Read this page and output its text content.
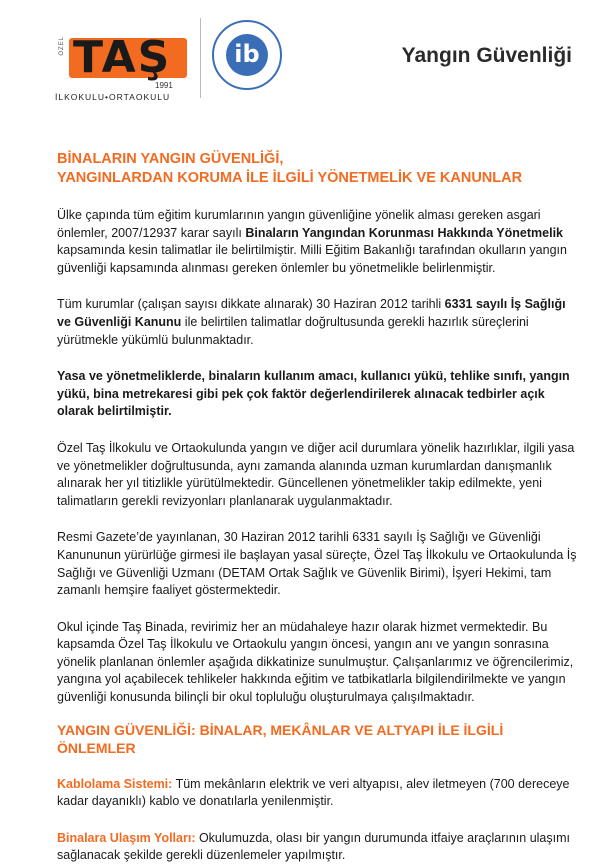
ÖZEL TAŞ
1991
İLKOKULU•ORTAOKULU
ib	Yangın Güvenliği
BİNALARIN YANGIN GÜVENLİĞİ,
YANGINLARDAN KORUMA İLE İLGİLİ YÖNETMELİK VE KANUNLAR

Ülke çapında tüm eğitim kurumlarının yangın güvenliğine yönelik alması gereken asgari önlemler, 2007/12937 karar sayılı Binaların Yangından Korunması Hakkında Yönetmelik kapsamında kesin talimatlar ile belirtilmiştir. Milli Eğitim Bakanlığı tarafından okulların yangın güvenliği kapsamında alınması gereken önlemler bu yönetmelikle belirlenmiştir.

Tüm kurumlar (çalışan sayısı dikkate alınarak) 30 Haziran 2012 tarihli 6331 sayılı İş Sağlığı ve Güvenliği Kanunu ile belirtilen talimatlar doğrultusunda gerekli hazırlık süreçlerini yürütmekle yükümlü bulunmaktadır.

Yasa ve yönetmeliklerde, binaların kullanım amacı, kullanıcı yükü, tehlike sınıfı, yangın yükü, bina metrekaresi gibi pek çok faktör değerlendirilerek alınacak tedbirler açık olarak belirtilmiştir.

Özel Taş İlkokulu ve Ortaokulunda yangın ve diğer acil durumlara yönelik hazırlıklar, ilgili yasa ve yönetmelikler doğrultusunda, aynı zamanda alanında uzman kurumlardan danışmanlık alınarak her yıl titizlikle yürütülmektedir. Güncellenen yönetmelikler takip edilmekte, yeni talimatların gerekli revizyonları planlanarak uygulanmaktadır.

Resmi Gazete’de yayınlanan, 30 Haziran 2012 tarihli 6331 sayılı İş Sağlığı ve Güvenliği Kanununun yürürlüğe girmesi ile başlayan yasal süreçte, Özel Taş İlkokulu ve Ortaokulunda İş Sağlığı ve Güvenliği Uzmanı (DETAM Ortak Sağlık ve Güvenlik Birimi), İşyeri Hekimi, tam zamanlı hemşire faaliyet göstermektedir.

Okul içinde Taş Binada, revirimiz her an müdahaleye hazır olarak hizmet vermektedir. Bu kapsamda Özel Taş İlkokulu ve Ortaokulu yangın öncesi, yangın anı ve yangın sonrasına yönelik planlanan önlemler aşağıda dikkatinize sunulmuştur. Çalışanlarımız ve öğrencilerimiz, yangına yol açabilecek tehlikeler hakkında eğitim ve tatbikatlarla bilgilendirilmekte ve yangın güvenliği konusunda bilinçli bir okul topluluğu oluşturulmaya çalışılmaktadır.

YANGIN GÜVENLİĞİ: BİNALAR, MEKÂNLAR VE ALTYAPI İLE İLGİLİ ÖNLEMLER

Kablolama Sistemi: Tüm mekânların elektrik ve veri altyapısı, alev iletmeyen (700 dereceye kadar dayanıklı) kablo ve donatılarla yenilenmiştir.

Binalara Ulaşım Yolları: Okulumuzda, olası bir yangın durumunda itfaiye araçlarının ulaşımı sağlanacak şekilde gerekli düzenlemeler yapılmıştır.
